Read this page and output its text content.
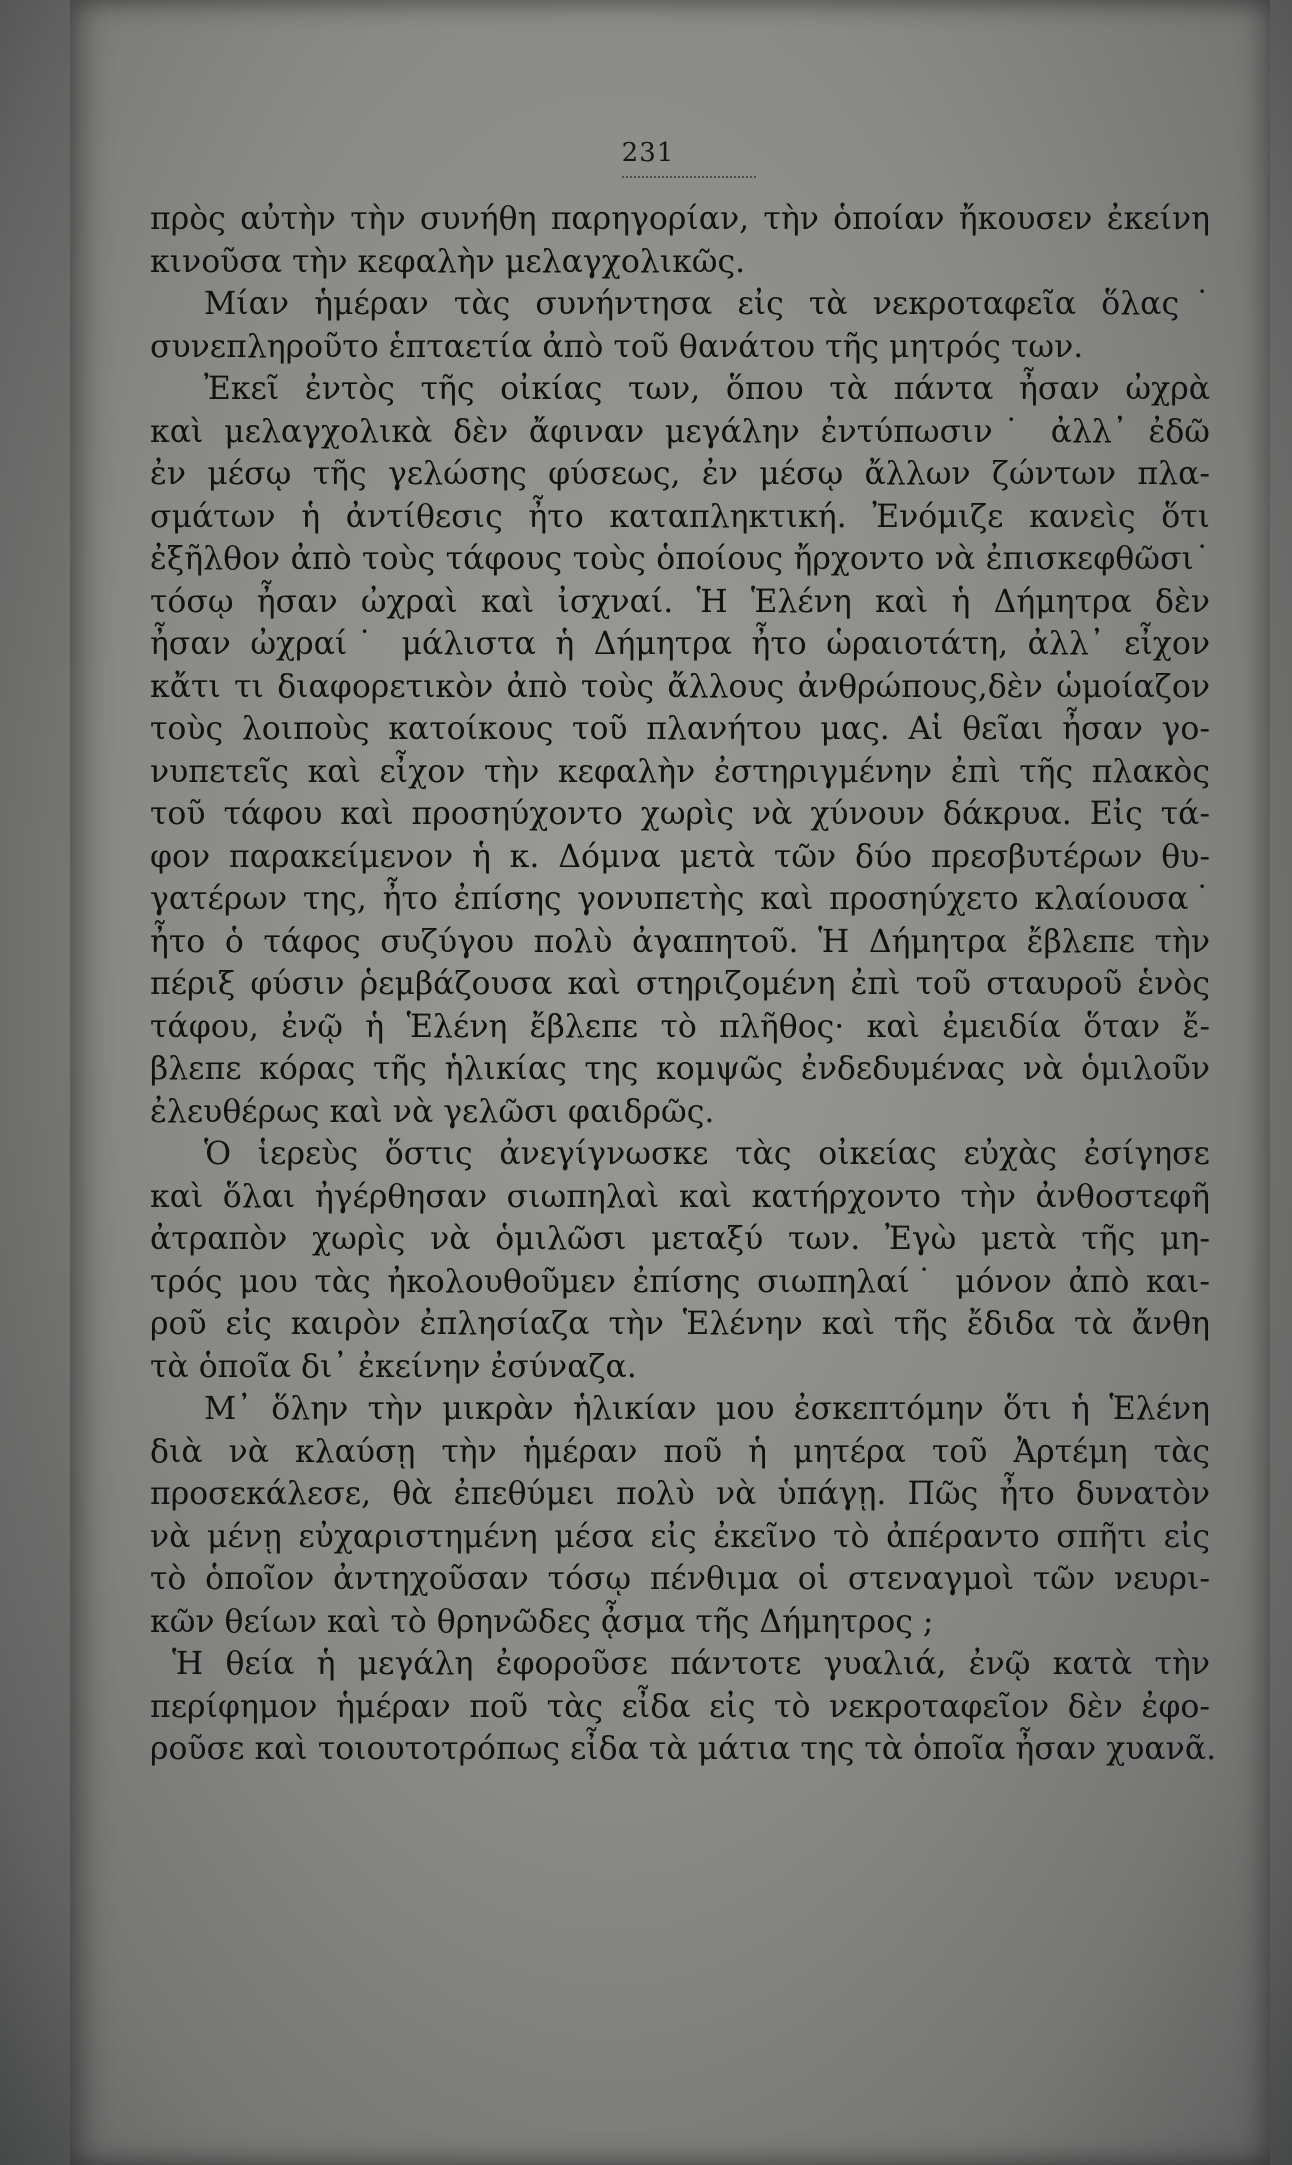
231
πρὸς αὐτὴν τὴν συνήθη παρηγορίαν, τὴν ὁποίαν ἤκουσεν ἐκείνη
κινοῦσα τὴν κεφαλὴν μελαγχολικῶς.
Μίαν ἡμέραν τὰς συνήντησα εἰς τὰ νεκροταφεῖα ὅλας˙
συνεπληροῦτο ἑπταετία ἀπὸ τοῦ θανάτου τῆς μητρός των.
Ἐκεῖ ἐντὸς τῆς οἰκίας των, ὅπου τὰ πάντα ἦσαν ὠχρὰ
καὶ μελαγχολικὰ δὲν ἄφιναν μεγάλην ἐντύπωσιν˙ ἀλλ᾽ ἐδῶ
ἐν μέσῳ τῆς γελώσης φύσεως, ἐν μέσῳ ἄλλων ζώντων πλα-
σμάτων ἡ ἀντίθεσις ἦτο καταπληκτική. Ἐνόμιζε κανεὶς ὅτι
ἐξῆλθον ἀπὸ τοὺς τάφους τοὺς ὁποίους ἤρχοντο νὰ ἐπισκεφθῶσι˙
τόσῳ ἦσαν ὠχραὶ καὶ ἰσχναί. Ἡ Ἑλένη καὶ ἡ Δήμητρα δὲν
ἦσαν ὠχραί˙ μάλιστα ἡ Δήμητρα ἦτο ὡραιοτάτη, ἀλλ᾽ εἶχον
κἄτι τι διαφορετικὸν ἀπὸ τοὺς ἄλλους ἀνθρώπους,δὲν ὡμοίαζον
τοὺς λοιποὺς κατοίκους τοῦ πλανήτου μας. Αἱ θεῖαι ἦσαν γο-
νυπετεῖς καὶ εἶχον τὴν κεφαλὴν ἐστηριγμένην ἐπὶ τῆς πλακὸς
τοῦ τάφου καὶ προσηύχοντο χωρὶς νὰ χύνουν δάκρυα. Εἰς τά-
φον παρακείμενον ἡ κ. Δόμνα μετὰ τῶν δύο πρεσβυτέρων θυ-
γατέρων της, ἦτο ἐπίσης γονυπετὴς καὶ προσηύχετο κλαίουσα˙
ἦτο ὁ τάφος συζύγου πολὺ ἀγαπητοῦ. Ἡ Δήμητρα ἔβλεπε τὴν
πέριξ φύσιν ῥεμβάζουσα καὶ στηριζομένη ἐπὶ τοῦ σταυροῦ ἑνὸς
τάφου, ἐνῷ ἡ Ἑλένη ἔβλεπε τὸ πλῆθος· καὶ ἐμειδία ὅταν ἔ-
βλεπε κόρας τῆς ἡλικίας της κομψῶς ἐνδεδυμένας νὰ ὁμιλοῦν
ἐλευθέρως καὶ νὰ γελῶσι φαιδρῶς.
Ὁ ἱερεὺς ὅστις ἀνεγίγνωσκε τὰς οἰκείας εὐχὰς ἐσίγησε
καὶ ὅλαι ἠγέρθησαν σιωπηλαὶ καὶ κατήρχοντο τὴν ἀνθοστεφῆ
ἀτραπὸν χωρὶς νὰ ὁμιλῶσι μεταξύ των. Ἐγὼ μετὰ τῆς μη-
τρός μου τὰς ἠκολουθοῦμεν ἐπίσης σιωπηλαί˙ μόνον ἀπὸ και-
ροῦ εἰς καιρὸν ἐπλησίαζα τὴν Ἑλένην καὶ τῆς ἔδιδα τὰ ἄνθη
τὰ ὁποῖα δι᾽ ἐκείνην ἐσύναζα.
Μ᾽ ὅλην τὴν μικρὰν ἡλικίαν μου ἐσκεπτόμην ὅτι ἡ Ἑλένη
διὰ νὰ κλαύσῃ τὴν ἡμέραν ποῦ ἡ μητέρα τοῦ Ἀρτέμη τὰς
προσεκάλεσε, θὰ ἐπεθύμει πολὺ νὰ ὑπάγῃ. Πῶς ἦτο δυνατὸν
νὰ μένῃ εὐχαριστημένη μέσα εἰς ἐκεῖνο τὸ ἀπέραντο σπῆτι εἰς
τὸ ὁποῖον ἀντηχοῦσαν τόσῳ πένθιμα οἱ στεναγμοὶ τῶν νευρι-
κῶν θείων καὶ τὸ θρηνῶδες ᾆσμα τῆς Δήμητρος ;
Ἡ θεία ἡ μεγάλη ἐφοροῦσε πάντοτε γυαλιά, ἐνῷ κατὰ τὴν
περίφημον ἡμέραν ποῦ τὰς εἶδα εἰς τὸ νεκροταφεῖον δὲν ἐφο-
ροῦσε καὶ τοιουτοτρόπως εἶδα τὰ μάτια της τὰ ὁποῖα ἦσαν χυανᾶ.
